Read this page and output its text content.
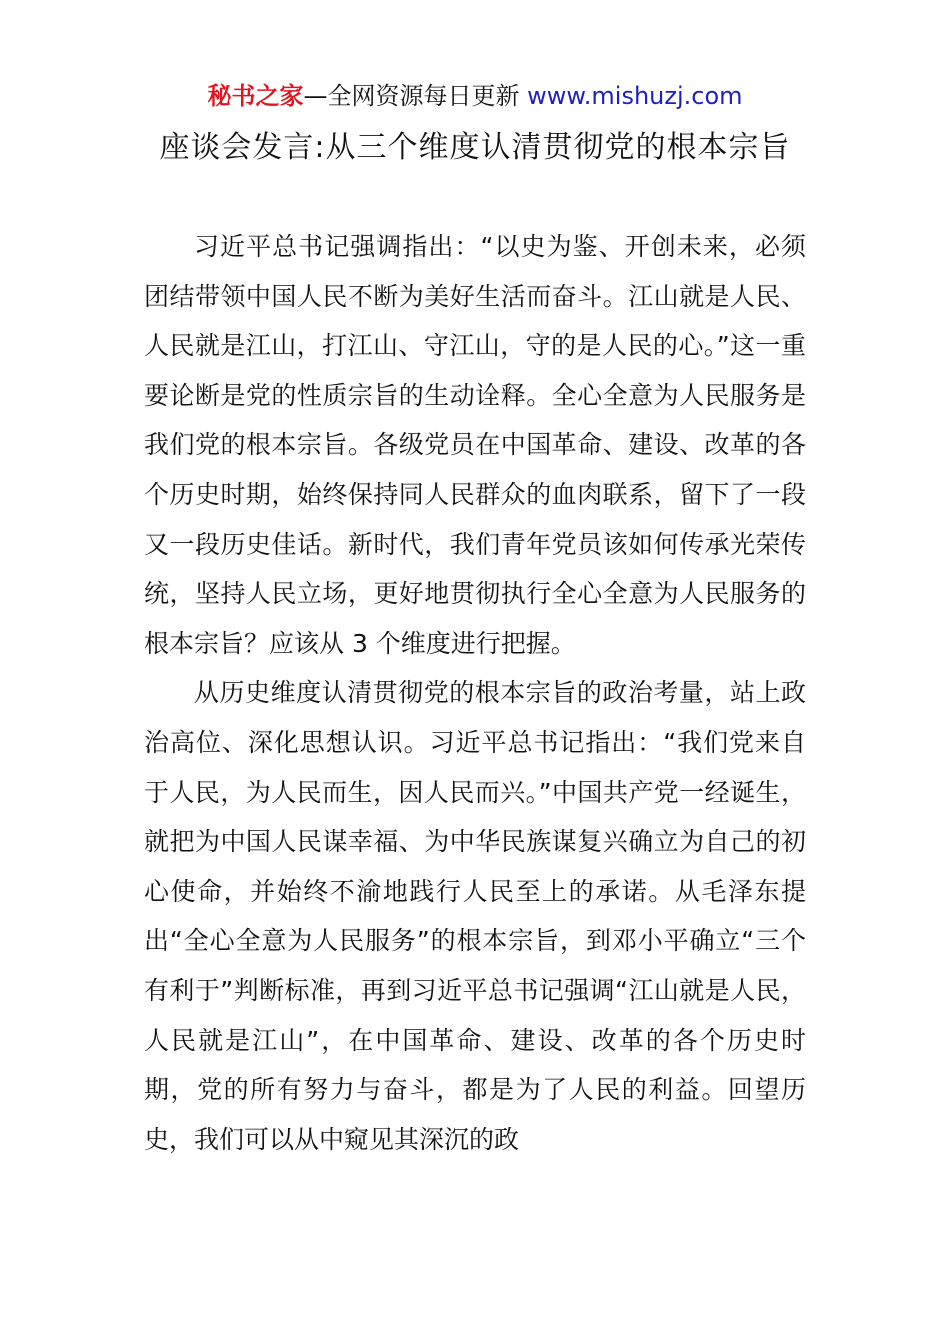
秘书之家—全网资源每日更新 www.mishuzj.com
座谈会发言:从三个维度认清贯彻党的根本宗旨

习近平总书记强调指出：“以史为鉴、开创未来，必须团结带领中国人民不断为美好生活而奋斗。江山就是人民、人民就是江山，打江山、守江山，守的是人民的心。”这一重要论断是党的性质宗旨的生动诠释。全心全意为人民服务是我们党的根本宗旨。各级党员在中国革命、建设、改革的各个历史时期，始终保持同人民群众的血肉联系，留下了一段又一段历史佳话。新时代，我们青年党员该如何传承光荣传统，坚持人民立场，更好地贯彻执行全心全意为人民服务的根本宗旨？应该从 3 个维度进行把握。

从历史维度认清贯彻党的根本宗旨的政治考量，站上政治高位、深化思想认识。习近平总书记指出：“我们党来自于人民，为人民而生，因人民而兴。”中国共产党一经诞生，就把为中国人民谋幸福、为中华民族谋复兴确立为自己的初心使命，并始终不渝地践行人民至上的承诺。从毛泽东提出“全心全意为人民服务”的根本宗旨，到邓小平确立“三个有利于”判断标准，再到习近平总书记强调“江山就是人民，人民就是江山”，在中国革命、建设、改革的各个历史时期，党的所有努力与奋斗，都是为了人民的利益。回望历史，我们可以从中窥见其深沉的政
